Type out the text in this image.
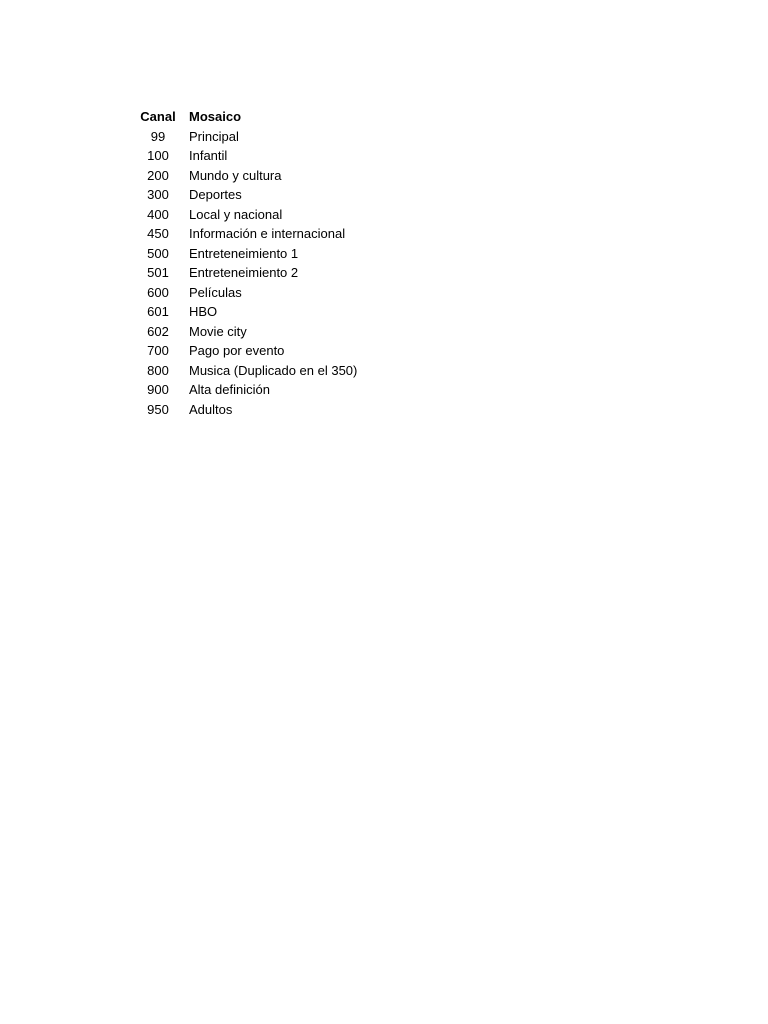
Canal	Mosaico
99	Principal
100	Infantil
200	Mundo y cultura
300	Deportes
400	Local y nacional
450	Información e internacional
500	Entreteneimiento 1
501	Entreteneimiento 2
600	Películas
601	HBO
602	Movie city
700	Pago por evento
800	Musica (Duplicado en el 350)
900	Alta definición
950	Adultos
